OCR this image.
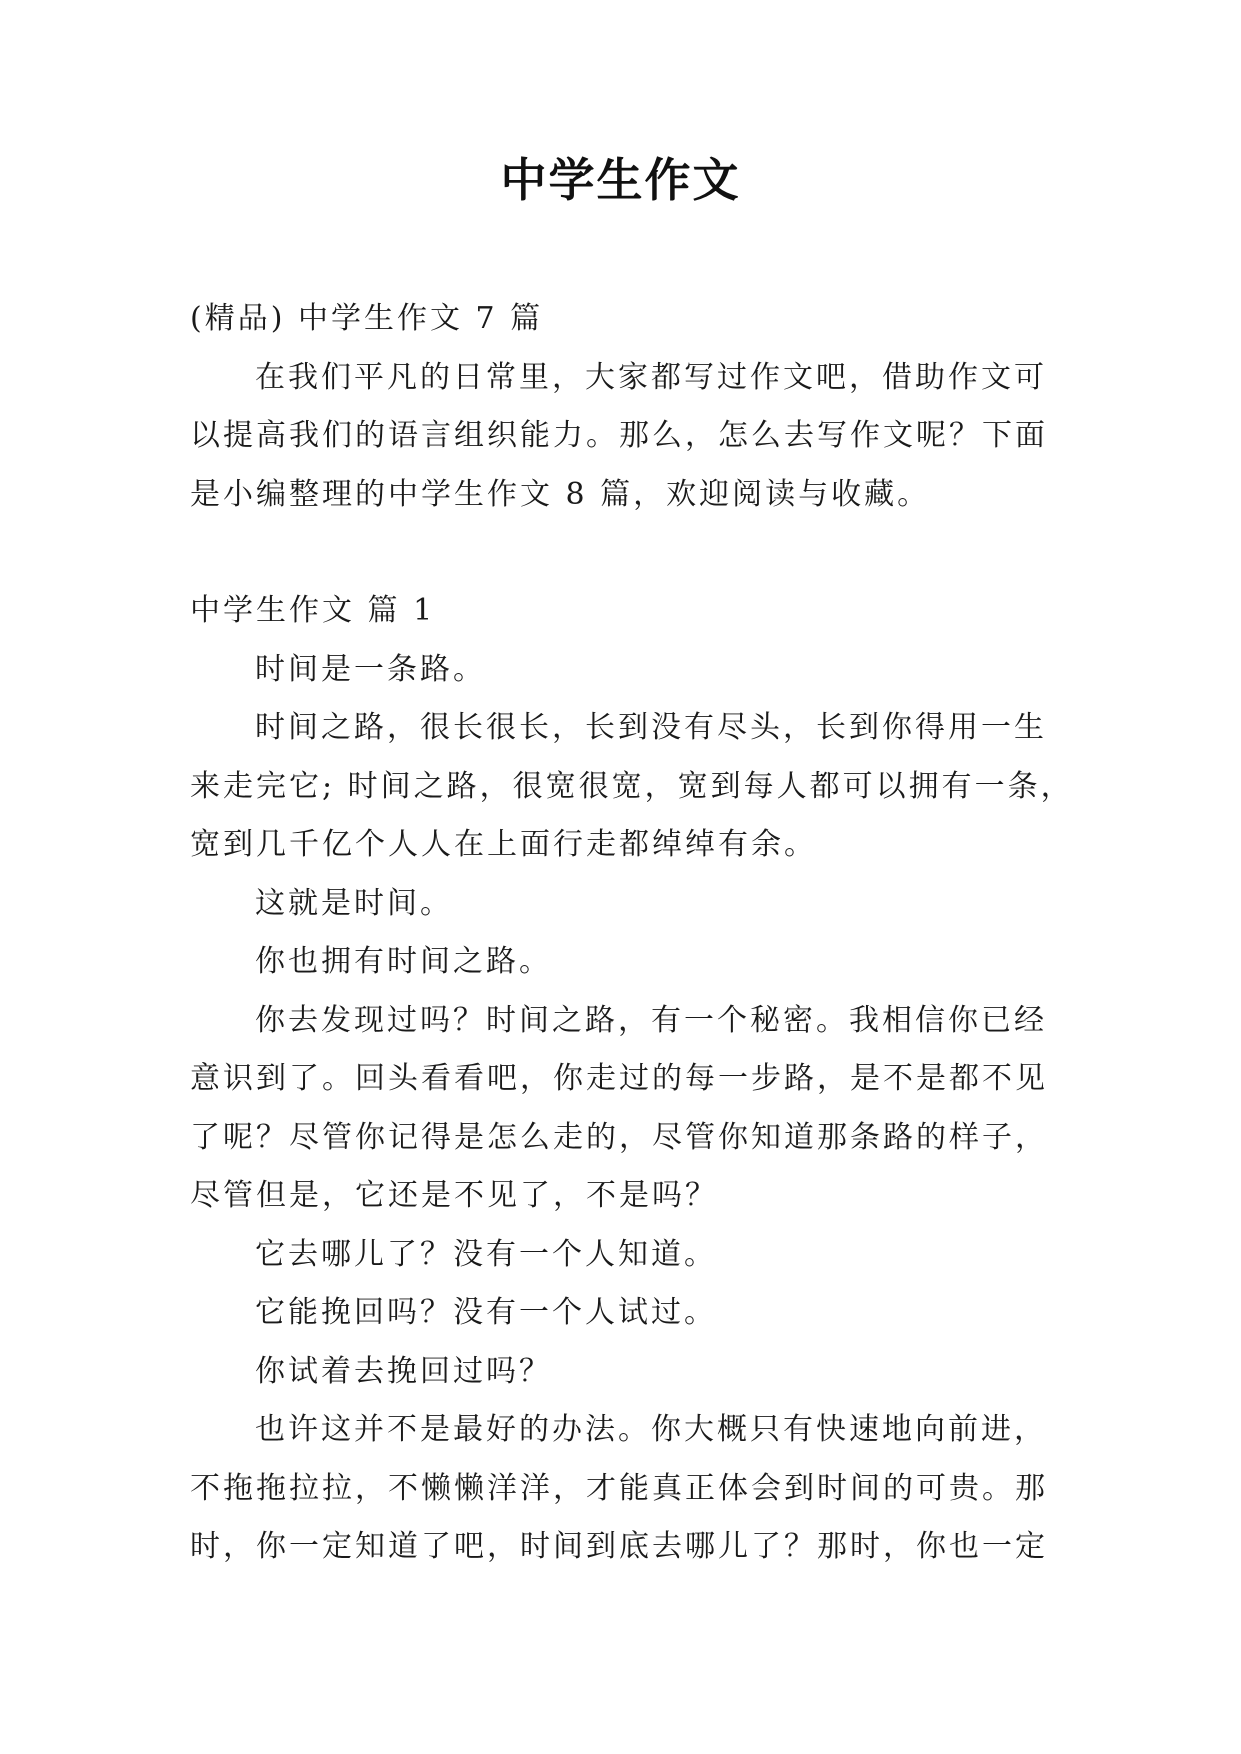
中学生作文
(精品) 中学生作文 7 篇
在我们平凡的日常里，大家都写过作文吧，借助作文可
以提高我们的语言组织能力。那么，怎么去写作文呢？下面
是小编整理的中学生作文 8 篇，欢迎阅读与收藏。
中学生作文 篇 1
时间是一条路。
时间之路，很长很长，长到没有尽头，长到你得用一生
来走完它; 时间之路，很宽很宽，宽到每人都可以拥有一条，
宽到几千亿个人人在上面行走都绰绰有余。
这就是时间。
你也拥有时间之路。
你去发现过吗？时间之路，有一个秘密。我相信你已经
意识到了。回头看看吧，你走过的每一步路，是不是都不见
了呢？尽管你记得是怎么走的，尽管你知道那条路的样子，
尽管但是，它还是不见了，不是吗？
它去哪儿了？没有一个人知道。
它能挽回吗？没有一个人试过。
你试着去挽回过吗？
也许这并不是最好的办法。你大概只有快速地向前进，
不拖拖拉拉，不懒懒洋洋，才能真正体会到时间的可贵。那
时，你一定知道了吧，时间到底去哪儿了？那时，你也一定
